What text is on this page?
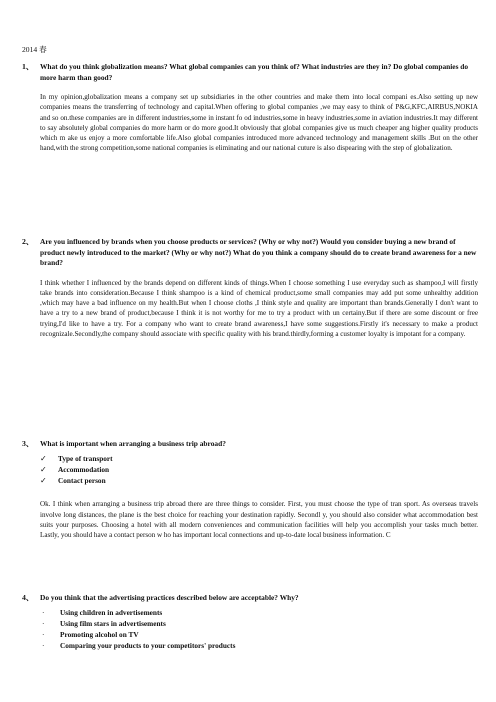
2014 春
1、 What do you think globalization means? What global companies can you think of? What industries are they in? Do global companies do more harm than good?
In my opinion,globalization means a company set up subsidiaries in the other countries and make them into local compani es.Also setting up new companies means the transferring of technology and capital.When offering to global companies ,we may easy to think of P&G,KFC,AIRBUS,NOKIA and so on.these companies are in different industries,some in instant fo od industries,some in heavy industries,some in aviation industries.It may different to say absolutely global companies do more harm or do more good.It obviously that global companies give us much cheaper ang higher quality products which m ake us enjoy a more comfortable life.Also global companies introduced more advanced technology and management skills .But on the other hand,with the strong competition,some national companies is eliminating and our national cuture is also dispearing with the step of globalization.
2、 Are you influenced by brands when you choose products or services? (Why or why not?) Would you consider buying a new brand of product newly introduced to the market? (Why or why not?) What do you think a company should do to create brand awareness for a new brand?
I think whether I influenced by the brands depend on different kinds of things.When I choose something I use everyday such as shampoo,I will firstly take brands into consideration.Because I think shampoo is a kind of chemical product,some small companies may add put some unhealthy addition ,which may have a bad influence on my health.But when I choose cloths ,I think style and quality are important than brands.Generally I don't want to have a try to a new brand of product,because I think it is not worthy for me to try a product with un certainy.But if there are some discount or free trying,I'd like to have a try. For a company who want to create brand awareness,I have some suggestions.Firstly it's necessary to make a product recognizale.Secondly,the company should associate with specific quality with his brand.thirdly,forming a customer loyalty is impotant for a company.
3、 What is important when arranging a business trip abroad?
✓	Type of transport
✓	Accommodation
✓	Contact person
Ok. I think when arranging a business trip abroad there are three things to consider. First, you must choose the type of tran sport. As overseas travels involve long distances, the plane is the best choice for reaching your destination rapidly. Secondl y, you should also consider what accommodation best suits your purposes. Choosing a hotel with all modern conveniences and communication facilities will help you accomplish your tasks much better. Lastly, you should have a contact person w ho has important local connections and up-to-date local business information. C
4、 Do you think that the advertising practices described below are acceptable? Why?
·	Using children in advertisements
·	Using film stars in advertisements
·	Promoting alcohol on TV
·	Comparing your products to your competitors' products
